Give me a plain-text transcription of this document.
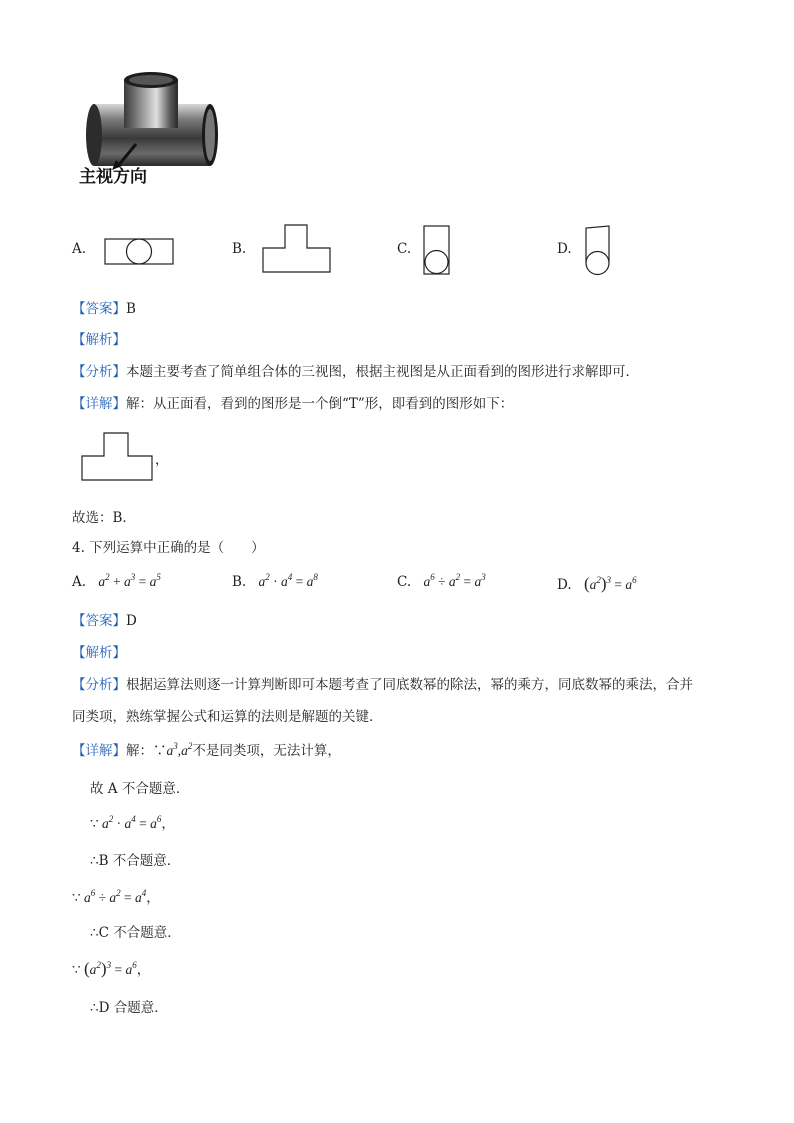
主视方向
A.	B.	C.	D.
【答案】B
【解析】
【分析】本题主要考查了简单组合体的三视图，根据主视图是从正面看到的图形进行求解即可．
【详解】解：从正面看，看到的图形是一个倒“T”形，即看到的图形如下：
，
故选：B．
4. 下列运算中正确的是（　　）
A. $a^2 + a^3 = a^5$	B. $a^2 \cdot a^4 = a^8$	C. $a^6 \div a^2 = a^3$	D. $(a^2)^3 = a^6$
【答案】D
【解析】
【分析】根据运算法则逐一计算判断即可本题考查了同底数幂的除法，幂的乘方，同底数幂的乘法，合并
同类项，熟练掌握公式和运算的法则是解题的关键．
【详解】解：$\because a^3,a^2$不是同类项，无法计算，
故 A 不合题意．
∵ $a^2 \cdot a^4 = a^6$，
∴B 不合题意．
∵ $a^6 \div a^2 = a^4$，
∴C 不合题意．
∵ $(a^2)^3 = a^6$，
∴D 合题意．
